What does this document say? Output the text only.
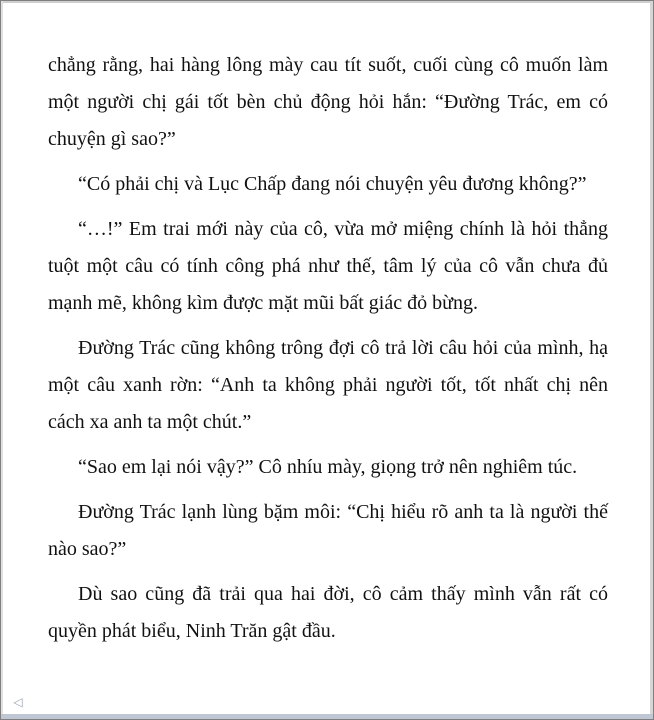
chẳng rằng, hai hàng lông mày cau tít suốt, cuối cùng cô muốn làm một người chị gái tốt bèn chủ động hỏi hắn: “Đường Trác, em có chuyện gì sao?”

“Có phải chị và Lục Chấp đang nói chuyện yêu đương không?”

“…!” Em trai mới này của cô, vừa mở miệng chính là hỏi thẳng tuột một câu có tính công phá như thế, tâm lý của cô vẫn chưa đủ mạnh mẽ, không kìm được mặt mũi bất giác đỏ bừng.

Đường Trác cũng không trông đợi cô trả lời câu hỏi của mình, hạ một câu xanh rờn: “Anh ta không phải người tốt, tốt nhất chị nên cách xa anh ta một chút.”

“Sao em lại nói vậy?” Cô nhíu mày, giọng trở nên nghiêm túc.

Đường Trác lạnh lùng bặm môi: “Chị hiểu rõ anh ta là người thế nào sao?”

Dù sao cũng đã trải qua hai đời, cô cảm thấy mình vẫn rất có quyền phát biểu, Ninh Trăn gật đầu.

◁
